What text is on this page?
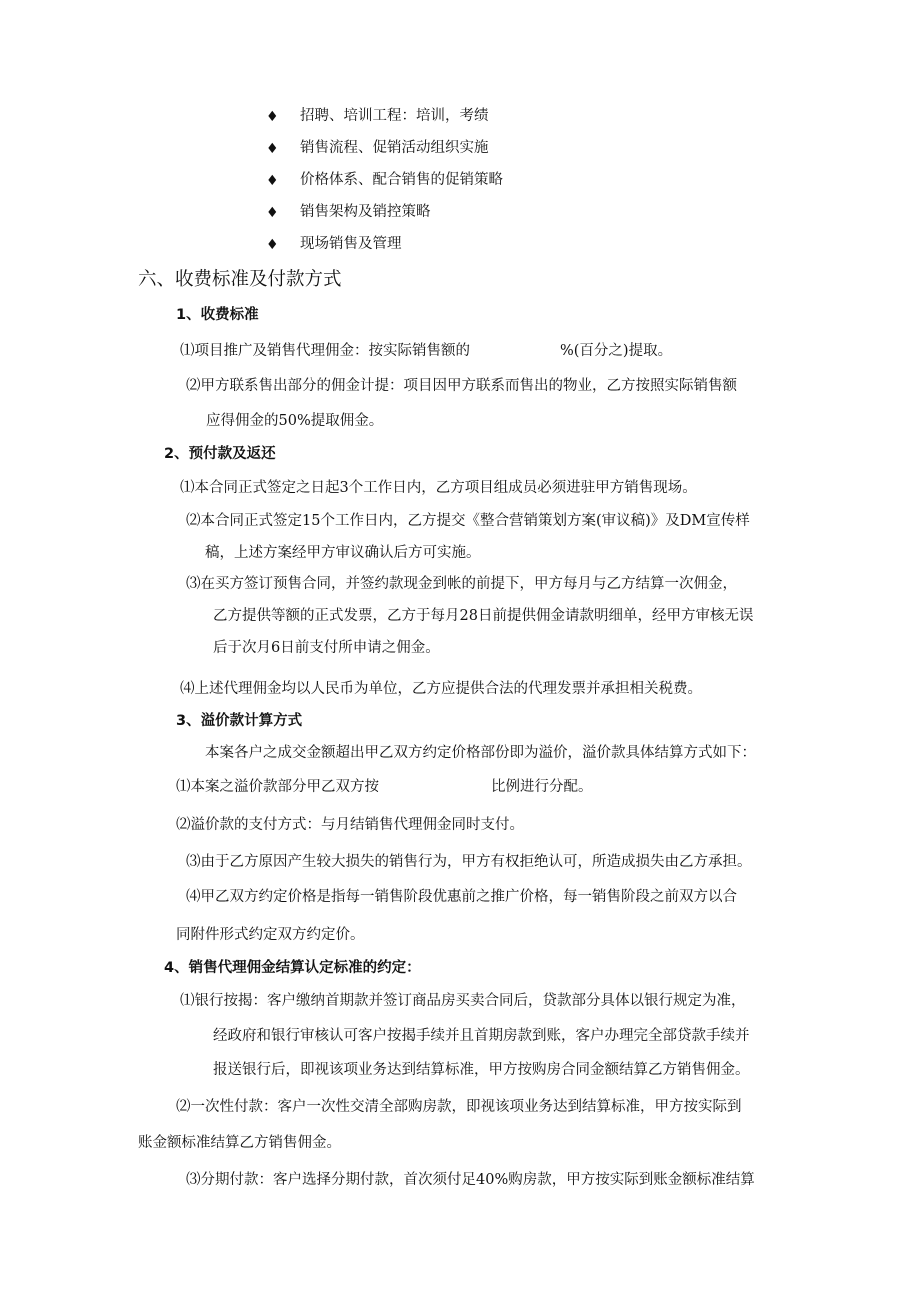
♦ 招聘、培训工程：培训，考绩
♦ 销售流程、促销活动组织实施
♦ 价格体系、配合销售的促销策略
♦ 销售架构及销控策略
♦ 现场销售及管理
六、收费标准及付款方式
1、收费标准
⑴项目推广及销售代理佣金：按实际销售额的	%(百分之)提取。
⑵甲方联系售出部分的佣金计提：项目因甲方联系而售出的物业，乙方按照实际销售额
应得佣金的50%提取佣金。
2、预付款及返还
⑴本合同正式签定之日起3个工作日内，乙方项目组成员必须进驻甲方销售现场。
⑵本合同正式签定15个工作日内，乙方提交《整合营销策划方案(审议稿)》及DM宣传样
稿，上述方案经甲方审议确认后方可实施。
⑶在买方签订预售合同，并签约款现金到帐的前提下，甲方每月与乙方结算一次佣金，
乙方提供等额的正式发票，乙方于每月28日前提供佣金请款明细单，经甲方审核无误
后于次月6日前支付所申请之佣金。
⑷上述代理佣金均以人民币为单位，乙方应提供合法的代理发票并承担相关税费。
3、溢价款计算方式
本案各户之成交金额超出甲乙双方约定价格部份即为溢价，溢价款具体结算方式如下：
⑴本案之溢价款部分甲乙双方按	比例进行分配。
⑵溢价款的支付方式：与月结销售代理佣金同时支付。
⑶由于乙方原因产生较大损失的销售行为，甲方有权拒绝认可，所造成损失由乙方承担。
⑷甲乙双方约定价格是指每一销售阶段优惠前之推广价格，每一销售阶段之前双方以合
同附件形式约定双方约定价。
4、销售代理佣金结算认定标准的约定：
⑴银行按揭：客户缴纳首期款并签订商品房买卖合同后，贷款部分具体以银行规定为准，
经政府和银行审核认可客户按揭手续并且首期房款到账，客户办理完全部贷款手续并
报送银行后，即视该项业务达到结算标准，甲方按购房合同金额结算乙方销售佣金。
⑵一次性付款：客户一次性交清全部购房款，即视该项业务达到结算标准，甲方按实际到
账金额标准结算乙方销售佣金。
⑶分期付款：客户选择分期付款，首次须付足40%购房款，甲方按实际到账金额标准结算
